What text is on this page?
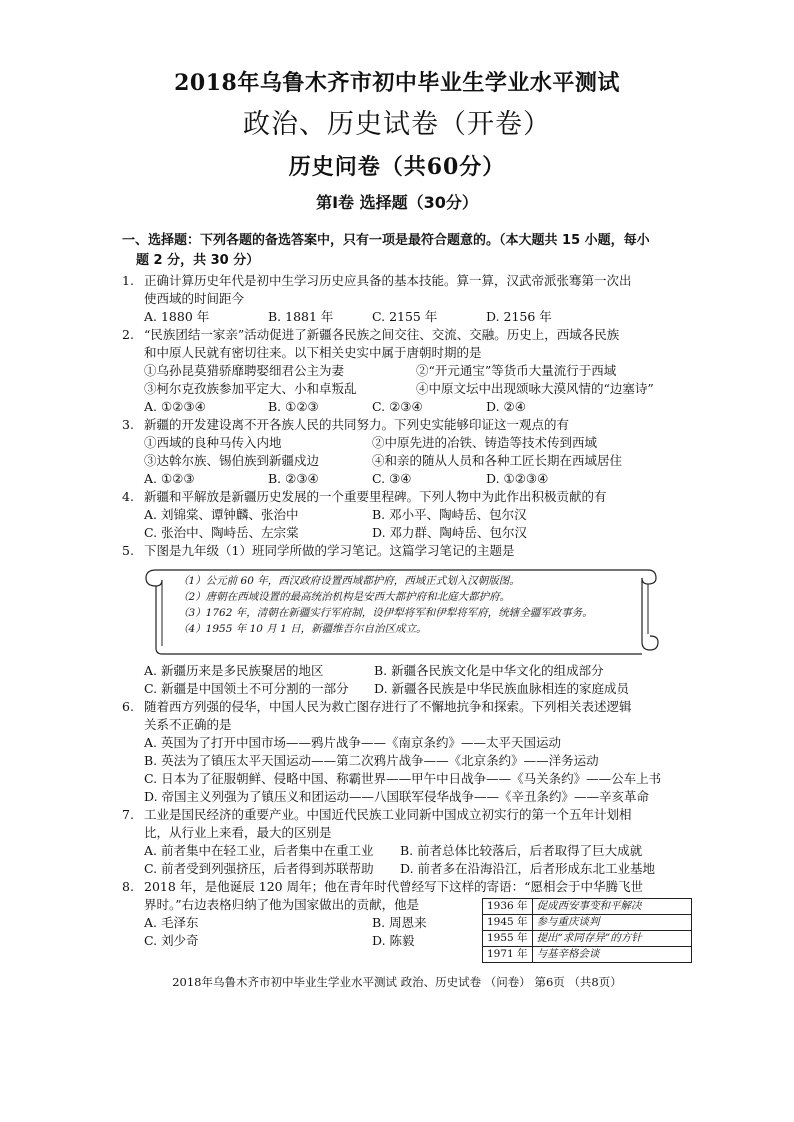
2018年乌鲁木齐市初中毕业生学业水平测试
政治、历史试卷（开卷）
历史问卷（共60分）
第Ⅰ卷 选择题（30分）
一、选择题：下列各题的备选答案中，只有一项是最符合题意的。（本大题共 15 小题，每小
题 2 分，共 30 分）
1. 正确计算历史年代是初中生学习历史应具备的基本技能。算一算，汉武帝派张骞第一次出
使西域的时间距今
A. 1880 年	B. 1881 年	C. 2155 年	D. 2156 年
2. “民族团结一家亲”活动促进了新疆各民族之间交往、交流、交融。历史上，西域各民族
和中原人民就有密切往来。以下相关史实中属于唐朝时期的是
①乌孙昆莫猎骄靡聘娶细君公主为妻	②“开元通宝”等货币大量流行于西域
③柯尔克孜族参加平定大、小和卓叛乱	④中原文坛中出现颂咏大漠风情的“边塞诗”
A. ①②③④	B. ①②③	C. ②③④	D. ②④
3. 新疆的开发建设离不开各族人民的共同努力。下列史实能够印证这一观点的有
①西域的良种马传入内地	②中原先进的冶铁、铸造等技术传到西域
③达斡尔族、锡伯族到新疆戍边	④和亲的随从人员和各种工匠长期在西域居住
A. ①②③	B. ②③④	C. ③④	D. ①②③④
4. 新疆和平解放是新疆历史发展的一个重要里程碑。下列人物中为此作出积极贡献的有
A. 刘锦棠、谭钟麟、张治中	B. 邓小平、陶峙岳、包尔汉
C. 张治中、陶峙岳、左宗棠	D. 邓力群、陶峙岳、包尔汉
5. 下图是九年级（1）班同学所做的学习笔记。这篇学习笔记的主题是
（1）公元前 60 年，西汉政府设置西域都护府，西域正式划入汉朝版图。
（2）唐朝在西域设置的最高统治机构是安西大都护府和北庭大都护府。
（3）1762 年，清朝在新疆实行军府制，设伊犁将军和伊犁将军府，统辖全疆军政事务。
（4）1955 年 10 月 1 日，新疆维吾尔自治区成立。
A. 新疆历来是多民族聚居的地区	B. 新疆各民族文化是中华文化的组成部分
C. 新疆是中国领土不可分割的一部分 D. 新疆各民族是中华民族血脉相连的家庭成员
6. 随着西方列强的侵华，中国人民为救亡图存进行了不懈地抗争和探索。下列相关表述逻辑
关系不正确的是
A. 英国为了打开中国市场——鸦片战争——《南京条约》——太平天国运动
B. 英法为了镇压太平天国运动——第二次鸦片战争——《北京条约》——洋务运动
C. 日本为了征服朝鲜、侵略中国、称霸世界——甲午中日战争——《马关条约》——公车上书
D. 帝国主义列强为了镇压义和团运动——八国联军侵华战争——《辛丑条约》——辛亥革命
7. 工业是国民经济的重要产业。中国近代民族工业同新中国成立初实行的第一个五年计划相
比，从行业上来看，最大的区别是
A. 前者集中在轻工业，后者集中在重工业 B. 前者总体比较落后，后者取得了巨大成就
C. 前者受到列强挤压，后者得到苏联帮助 D. 前者多在沿海沿江，后者形成东北工业基地
8. 2018 年，是他诞辰 120 周年；他在青年时代曾经写下这样的寄语：“愿相会于中华腾飞世
界时。”右边表格归纳了他为国家做出的贡献，他是
A. 毛泽东	B. 周恩来
C. 刘少奇	D. 陈毅
1936 年	促成西安事变和平解决
1945 年	参与重庆谈判
1955 年	提出“求同存异”的方针
1971 年	与基辛格会谈
2018年乌鲁木齐市初中毕业生学业水平测试 政治、历史试卷 （问卷） 第6页 （共8页）
